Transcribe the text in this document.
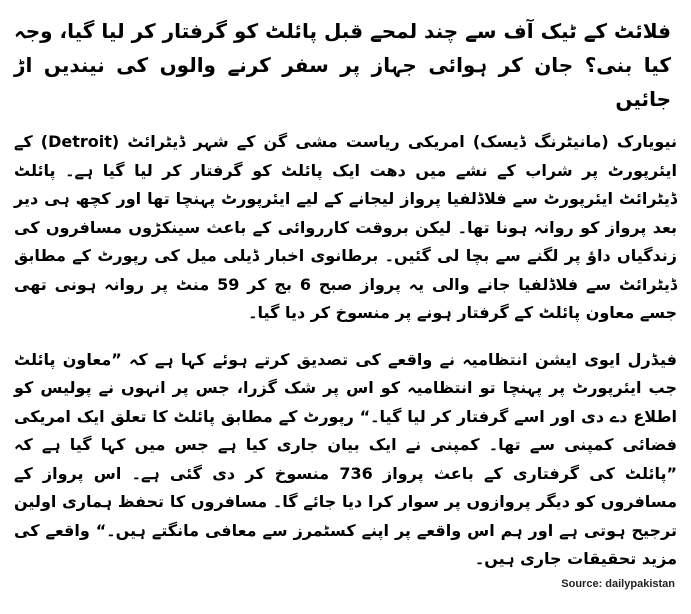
فلائٹ کے ٹیک آف سے چند لمحے قبل پائلٹ کو گرفتار کر لیا گیا، وجہ کیا بنی؟ جان کر ہوائی جہاز پر سفر کرنے والوں کی نیندیں اڑ جائیں

نیویارک (مانیٹرنگ ڈیسک) امریکی ریاست مشی گن کے شہر ڈیٹرائٹ (Detroit) کے ایئرپورٹ پر شراب کے نشے میں دھت ایک پائلٹ کو گرفتار کر لیا گیا ہے۔ پائلٹ ڈیٹرائٹ ایئرپورٹ سے فلاڈلفیا پرواز لیجانے کے لیے ایئرپورٹ پہنچا تھا اور کچھ ہی دیر بعد پرواز کو روانہ ہونا تھا۔ لیکن بروقت کارروائی کے باعث سینکڑوں مسافروں کی زندگیاں داؤ پر لگنے سے بچا لی گئیں۔ برطانوی اخبار ڈیلی میل کی رپورٹ کے مطابق ڈیٹرائٹ سے فلاڈلفیا جانے والی یہ پرواز صبح 6 بج کر 59 منٹ پر روانہ ہونی تھی جسے معاون پائلٹ کے گرفتار ہونے پر منسوخ کر دیا گیا۔

فیڈرل ایوی ایشن انتظامیہ نے واقعے کی تصدیق کرتے ہوئے کہا ہے کہ ”معاون پائلٹ جب ایئرپورٹ پر پہنچا تو انتظامیہ کو اس پر شک گزرا، جس پر انہوں نے پولیس کو اطلاع دے دی اور اسے گرفتار کر لیا گیا۔“ رپورٹ کے مطابق پائلٹ کا تعلق ایک امریکی فضائی کمپنی سے تھا۔ کمپنی نے ایک بیان جاری کیا ہے جس میں کہا گیا ہے کہ ”پائلٹ کی گرفتاری کے باعث پرواز 736 منسوخ کر دی گئی ہے۔ اس پرواز کے مسافروں کو دیگر پروازوں پر سوار کرا دیا جائے گا۔ مسافروں کا تحفظ ہماری اولین ترجیح ہوتی ہے اور ہم اس واقعے پر اپنے کسٹمرز سے معافی مانگتے ہیں۔“ واقعے کی مزید تحقیقات جاری ہیں۔

Source: dailypakistan
